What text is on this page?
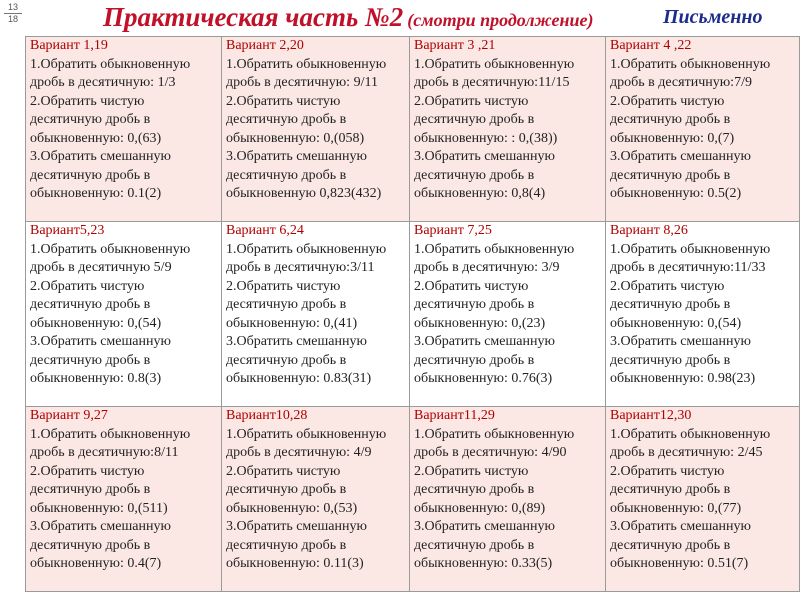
13
18	Практическая часть №2 (смотри продолжение)	Письменно
Вариант 1,19
1.Обратить обыкновенную дробь в десятичную: 1/3
2.Обратить чистую десятичную дробь в обыкновенную: 0,(63)
3.Обратить смешанную десятичную дробь в обыкновенную: 0.1(2)	Вариант 2,20
1.Обратить обыкновенную дробь в десятичную: 9/11
2.Обратить чистую десятичную дробь в обыкновенную: 0,(058)
3.Обратить смешанную десятичную дробь в обыкновенную 0,823(432)	Вариант 3 ,21
1.Обратить обыкновенную дробь в десятичную:11/15
2.Обратить чистую десятичную дробь в обыкновенную: : 0,(38))
3.Обратить смешанную десятичную дробь в обыкновенную: 0,8(4)	Вариант 4 ,22
1.Обратить обыкновенную дробь в десятичную:7/9
2.Обратить чистую десятичную дробь в обыкновенную: 0,(7)
3.Обратить смешанную десятичную дробь в обыкновенную: 0.5(2)

Вариант5,23
1.Обратить обыкновенную дробь в десятичную 5/9
2.Обратить чистую десятичную дробь в обыкновенную: 0,(54)
3.Обратить смешанную десятичную дробь в обыкновенную: 0.8(3)	Вариант 6,24
1.Обратить обыкновенную дробь в десятичную:3/11
2.Обратить чистую десятичную дробь в обыкновенную: 0,(41)
3.Обратить смешанную десятичную дробь в обыкновенную: 0.83(31)	Вариант 7,25
1.Обратить обыкновенную дробь в десятичную: 3/9
2.Обратить чистую десятичную дробь в обыкновенную: 0,(23)
3.Обратить смешанную десятичную дробь в обыкновенную: 0.76(3)	Вариант 8,26
1.Обратить обыкновенную дробь в десятичную:11/33
2.Обратить чистую десятичную дробь в обыкновенную: 0,(54)
3.Обратить смешанную десятичную дробь в обыкновенную: 0.98(23)

Вариант 9,27
1.Обратить обыкновенную дробь в десятичную:8/11
2.Обратить чистую десятичную дробь в обыкновенную: 0,(511)
3.Обратить смешанную десятичную дробь в обыкновенную: 0.4(7)	Вариант10,28
1.Обратить обыкновенную дробь в десятичную: 4/9
2.Обратить чистую десятичную дробь в обыкновенную: 0,(53)
3.Обратить смешанную десятичную дробь в обыкновенную: 0.11(3)	Вариант11,29
1.Обратить обыкновенную дробь в десятичную: 4/90
2.Обратить чистую десятичную дробь в обыкновенную: 0,(89)
3.Обратить смешанную десятичную дробь в обыкновенную: 0.33(5)	Вариант12,30
1.Обратить обыкновенную дробь в десятичную: 2/45
2.Обратить чистую десятичную дробь в обыкновенную: 0,(77)
3.Обратить смешанную десятичную дробь в обыкновенную: 0.51(7)
